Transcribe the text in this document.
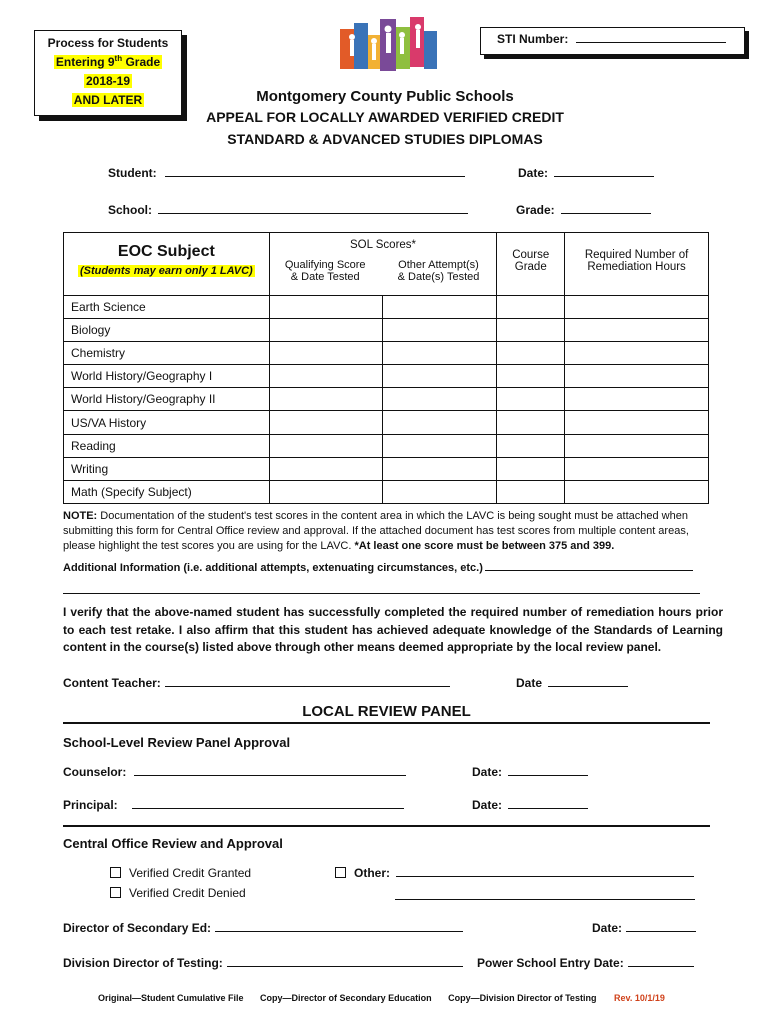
Process for Students
Entering 9th Grade
2018-19
AND LATER
STI Number:
Montgomery County Public Schools
APPEAL FOR LOCALLY AWARDED VERIFIED CREDIT
STANDARD & ADVANCED STUDIES DIPLOMAS
Student:	Date:
School:	Grade:
EOC Subject
(Students may earn only 1 LAVC)

SOL Scores*
Qualifying Score
& Date Tested

Other Attempt(s)
& Date(s) Tested

Course
Grade

Required Number of
Remediation Hours

Earth Science				
Biology				
Chemistry				
World History/Geography I				
World History/Geography II				
US/VA History				
Reading				
Writing				
Math (Specify Subject)				
NOTE: Documentation of the student's test scores in the content area in which the LAVC is being sought must be attached when submitting this form for Central Office review and approval. If the attached document has test scores from multiple content areas, please highlight the test scores you are using for the LAVC. *At least one score must be between 375 and 399.
Additional Information (i.e. additional attempts, extenuating circumstances, etc.)
I verify that the above-named student has successfully completed the required number of remediation hours prior to each test retake. I also affirm that this student has achieved adequate knowledge of the Standards of Learning content in the course(s) listed above through other means deemed appropriate by the local review panel.
Content Teacher:	Date
LOCAL REVIEW PANEL
School-Level Review Panel Approval
Counselor:	Date:
Principal:	Date:
Central Office Review and Approval
Verified Credit Granted
Verified Credit Denied
Other:
Director of Secondary Ed:	Date:
Division Director of Testing:	Power School Entry Date:
Original—Student Cumulative File Copy—Director of Secondary Education Copy—Division Director of Testing Rev. 10/1/19
